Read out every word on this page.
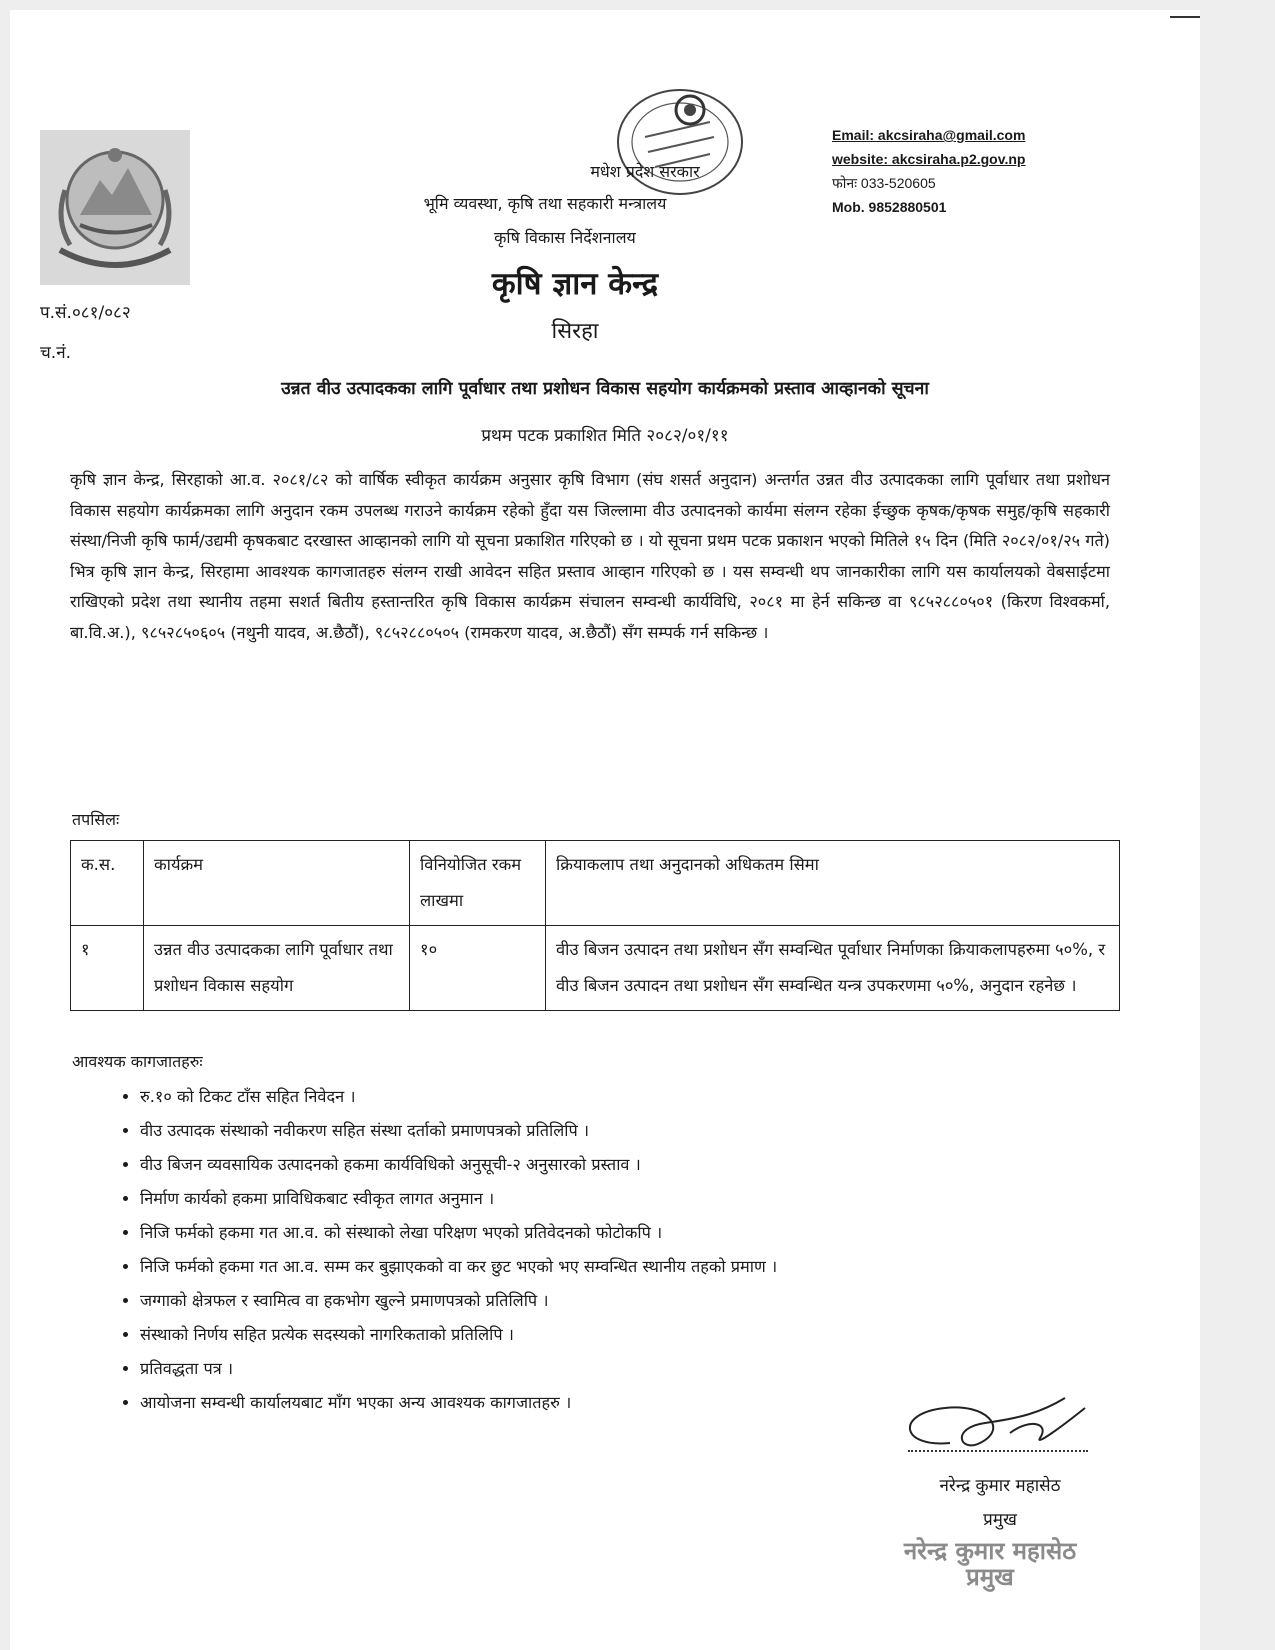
मधेश प्रदेश सरकार
भूमि व्यवस्था, कृषि तथा सहकारी मन्त्रालय
कृषि विकास निर्देशनालय
कृषि ज्ञान केन्द्र
सिरहा
Email: akcsiraha@gmail.com
website: akcsiraha.p2.gov.np
फोनः 033-520605
Mob. 9852880501
प.सं.०८१/०८२
च.नं.
उन्नत वीउ उत्पादकका लागि पूर्वाधार तथा प्रशोधन विकास सहयोग कार्यक्रमको प्रस्ताव आव्हानको सूचना
प्रथम पटक प्रकाशित मिति २०८२/०१/११
कृषि ज्ञान केन्द्र, सिरहाको आ.व. २०८१/८२ को वार्षिक स्वीकृत कार्यक्रम अनुसार कृषि विभाग (संघ शसर्त अनुदान) अन्तर्गत उन्नत वीउ उत्पादकका लागि पूर्वाधार तथा प्रशोधन विकास सहयोग कार्यक्रमका लागि अनुदान रकम उपलब्ध गराउने कार्यक्रम रहेको हुँदा यस जिल्लामा वीउ उत्पादनको कार्यमा संलग्न रहेका ईच्छुक कृषक/कृषक समुह/कृषि सहकारी संस्था/निजी कृषि फार्म/उद्यमी कृषकबाट दरखास्त आव्हानको लागि यो सूचना प्रकाशित गरिएको छ । यो सूचना प्रथम पटक प्रकाशन भएको मितिले १५ दिन (मिति २०८२/०१/२५ गते) भित्र कृषि ज्ञान केन्द्र, सिरहामा आवश्यक कागजातहरु संलग्न राखी आवेदन सहित प्रस्ताव आव्हान गरिएको छ । यस सम्वन्धी थप जानकारीका लागि यस कार्यालयको वेबसाईटमा राखिएको प्रदेश तथा स्थानीय तहमा सशर्त बितीय हस्तान्तरित कृषि विकास कार्यक्रम संचालन सम्वन्धी कार्यविधि, २०८१ मा हेर्न सकिन्छ वा ९८५२८८०५०१ (किरण विश्वकर्मा, बा.वि.अ.), ९८५२८५०६०५ (नथुनी यादव, अ.छैठौं), ९८५२८८०५०५ (रामकरण यादव, अ.छैठौं) सँग सम्पर्क गर्न सकिन्छ ।
तपसिलः
क.स.	कार्यक्रम	विनियोजित रकम लाखमा	क्रियाकलाप तथा अनुदानको अधिकतम सिमा
१	उन्नत वीउ उत्पादकका लागि पूर्वाधार तथा प्रशोधन विकास सहयोग	१०	वीउ बिजन उत्पादन तथा प्रशोधन सँग सम्वन्धित पूर्वाधार निर्माणका क्रियाकलापहरुमा ५०%, र वीउ बिजन उत्पादन तथा प्रशोधन सँग सम्वन्धित यन्त्र उपकरणमा ५०%, अनुदान रहनेछ ।
आवश्यक कागजातहरुः
• रु.१० को टिकट टाँस सहित निवेदन ।
• वीउ उत्पादक संस्थाको नवीकरण सहित संस्था दर्ताको प्रमाणपत्रको प्रतिलिपि ।
• वीउ बिजन व्यवसायिक उत्पादनको हकमा कार्यविधिको अनुसूची-२ अनुसारको प्रस्ताव ।
• निर्माण कार्यको हकमा प्राविधिकबाट स्वीकृत लागत अनुमान ।
• निजि फर्मको हकमा गत आ.व. को संस्थाको लेखा परिक्षण भएको प्रतिवेदनको फोटोकपि ।
• निजि फर्मको हकमा गत आ.व. सम्म कर बुझाएकको वा कर छुट भएको भए सम्वन्धित स्थानीय तहको प्रमाण ।
• जग्गाको क्षेत्रफल र स्वामित्व वा हकभोग खुल्ने प्रमाणपत्रको प्रतिलिपि ।
• संस्थाको निर्णय सहित प्रत्येक सदस्यको नागरिकताको प्रतिलिपि ।
• प्रतिवद्धता पत्र ।
• आयोजना सम्वन्धी कार्यालयबाट माँग भएका अन्य आवश्यक कागजातहरु ।
नरेन्द्र कुमार महासेठ
प्रमुख
नरेन्द्र कुमार महासेठ
प्रमुख
